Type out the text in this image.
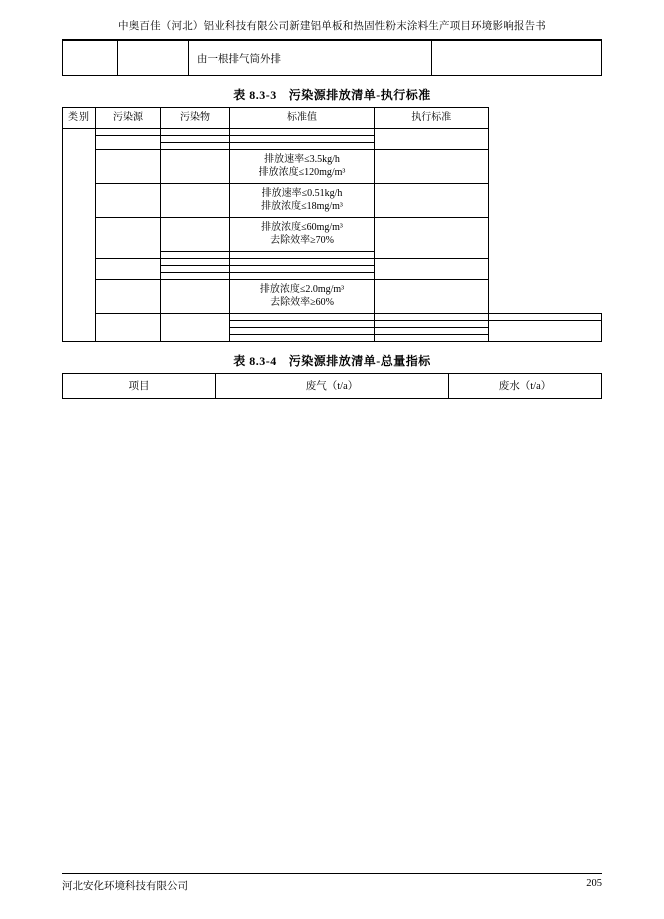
中奥百佳（河北）铝业科技有限公司新建铝单板和热固性粉末涂料生产项目环境影响报告书
		由一根排气筒外排	
表 8.3-3 污染源排放清单-执行标准
类别	污染源	污染物	标准值	执行标准	

			排放速率≤3.5kg/h
排放浓度≤120mg/m³		
			排放速率≤0.51kg/h
排放浓度≤18mg/m³		
			排放浓度≤60mg/m³
去除效率≥70%		

			排放浓度≤2.0mg/m³
去除效率≥60%		

表 8.3-4 污染源排放清单-总量指标
项目	废气（t/a）	废水（t/a）
河北安化环境科技有限公司	205
